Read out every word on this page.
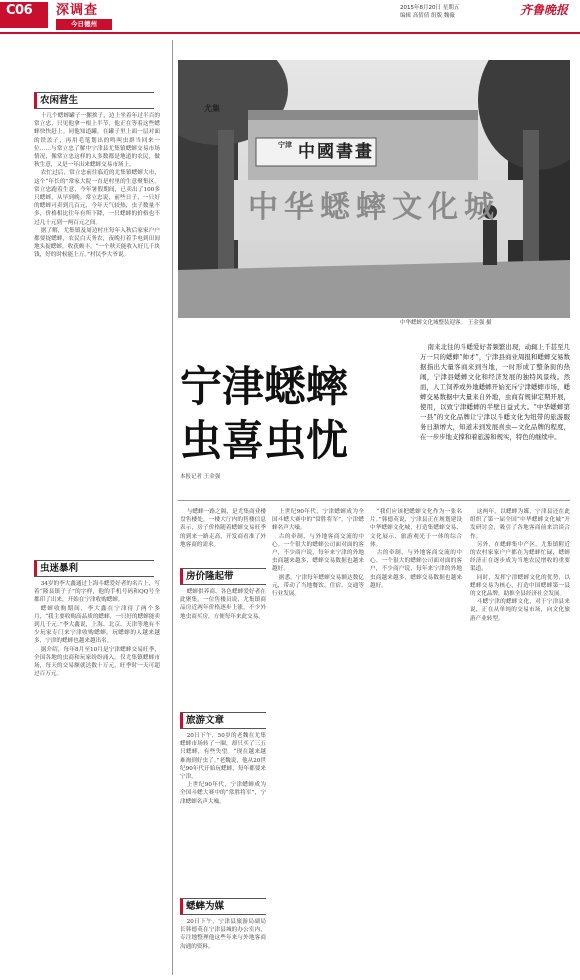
C06 深调查
今日德州
2015年8月20日 星期五
编辑 高倩倩 组版 魏薇	齐鲁晚报
农闲营生

十几个蟋蟀罐子一摞挨子，边上坐着年过半百的常立忠，只见他拿一根上半节，他正在等着这些蟋蟀快快赶上。同他知道罐，在罐子里上面一层对面的铁盖子，再用毛笔划出的鸣叫虫群当回来一位……与常立忠了解中宁津县尤集镇蟋蟀交易市场情况，像常立忠这样的人多数都是地道的农民，做秋生意，又是一年出来蟋蟀交易市场上。

农忙过后，常立忠前往临近的尤集镇蟋蟀大市，这个“年长的”常家大院一直是村里的生意聚集区。常立忠跑着生意，今年暑假期间，已卖出了100多只蟋蟀，从早到晚。常立忠说，前些日子，一只好的蟋蟀可卖到几百元，今年天气较热，虫子数量不多，价格相比往年有所下降，一只蟋蟀的价格也不过几十元到一两百元之间。

据了解，尤集镇及周边村庄每年入秋后家家户户都要捉蟋蟀，农民白天务农，夜晚打着手电到田间地头捉蟋蟀，收获颇丰。“一个秋天能收入好几千块钱，好的时候能上万。”村民李大爷说。

虫迷暴利

34岁的李大鑫通过上海斗蟋爱好者的名片上，写着“隆县镇子子”的字样，他的手机号码和QQ号全都印了出来，开始在宁津收购蟋蟀。

蟋蟀收购期间，李大鑫在宁津待了两个多月，“我主要收购高品质的蟋蟀，一只好的蟋蟀能卖到几千元。”李大鑫说，上海、北京、天津等地有不少玩家专门来宁津收购蟋蟀。玩蟋蟀的人越来越多，宁津的蟋蟀也越来越出名。

据介绍，每年8月至10月是宁津蟋蟀交易旺季，全国各地的虫商和玩家纷纷涌入。仅尤集镇蟋蟀市场，每天的交易额就达数十万元，旺季时一天可超过百万元。

尤集
宁津 中國書畫
中华蟋蟀文化城
中华蟋蟀文化城整装迎客。 王金强 摄
宁津蟋蟀
虫喜虫忧
本报记者 王金强

南来北往的斗蟋爱好者频繁出现，动辄上千甚至几万一只的蟋蟀“帅才”，宁津县商业周报和蟋蟀交易数据指出大量客商来到当地，一时形成了整条街的热闹，宁津县蟋蟀文化和经济发展的独特风景线。然而，人工饲养或外地蟋蟀开始充斥宁津蟋蟀市场，蟋蟀交易数据中大量来自外地，虫商有规律定期开展，使用，以致宁津蟋蟀的半壁日益式大。“中华蟋蟀第一县”的文化品牌让宁津以斗蟋文化为纽带的旅游服务日渐增大，知道未到发展喜虫—文化品牌的程度，在一步步地支撑和着旅游和规实，特色的继续申。

与蟋蟀一路之隔，是尤集商业楼盘售楼处，一楼大厅内的售楼信息表示，房子价格随着蟋蟀交易旺季的到来一路走高，开发商看准了外地客商的需求。

房价隆起带

蟋蟀供养商、各色蟋蟀爱好者在此聚集。一位售楼员说，尤集镇商品房近两年价格逐步上涨，不少外地虫商买房，方便每年来此交易。

旅游文章

20日下午，50岁的老魏在尤集蟋蟀市场转了一圈，却只买了三五只蟋蟀，有些失望。“现在越来越难淘到好虫了。”老魏说，他从20世纪90年代开始玩蟋蟀，每年都要来宁津。

上世纪90年代，宁津蟋蟀成为全国斗蟋大赛中的“常胜将军”，宁津蟋蟀名声大噪。

蟋蟀为媒

20日下午，宁津县旅游局副局长韩德英在宁津县城的办公室内，专注地整理他这些年来与外地客商沟通的资料。

上世纪90年代，宁津蟋蟀成为全国斗蟋大赛中的“常胜将军”，宁津蟋蟀名声大噪。

古的牵制，与外地客商交流的中心。一个很大的蟋蟀公司面对面的客户，不少商户说，每年来宁津的外地虫商越来越多，蟋蟀交易数据也越来越好。

据悉，宁津每年蟋蟀交易额达数亿元，带动了当地餐饮、住宿、交通等行业发展。

“我们应该把蟋蟀文化作为一张名片。”韩德英说，宁津县正在规划建设中华蟋蟀文化城，打造集蟋蟀交易、文化展示、旅游观光于一体的综合体。

古的牵制，与外地客商交流的中心。一个很大的蟋蟀公司面对面的客户，不少商户说，每年来宁津的外地虫商越来越多，蟋蟀交易数据也越来越好。

这两年，以蟋蟀为媒，宁津县还在此组织了第一届全国“中华蟋蟀文化城”开发研讨会，吸引了各地客商前来洽谈合作。

另外，在蟋蟀集中产区，尤集镇附近的农村家家户户都在为蟋蟀忙碌，蟋蟀经济正在逐步成为当地农民增收的重要渠道。

同时，发挥宁津蟋蟀文化的优势，以蟋蟀交易为核心，打造中国蟋蟀第一县的文化品牌，助推全县经济社会发展。

斗蟋宁津的蟋蟀文化，对于宁津县来说，正在从单纯的交易市场，向文化旅游产业转型。
